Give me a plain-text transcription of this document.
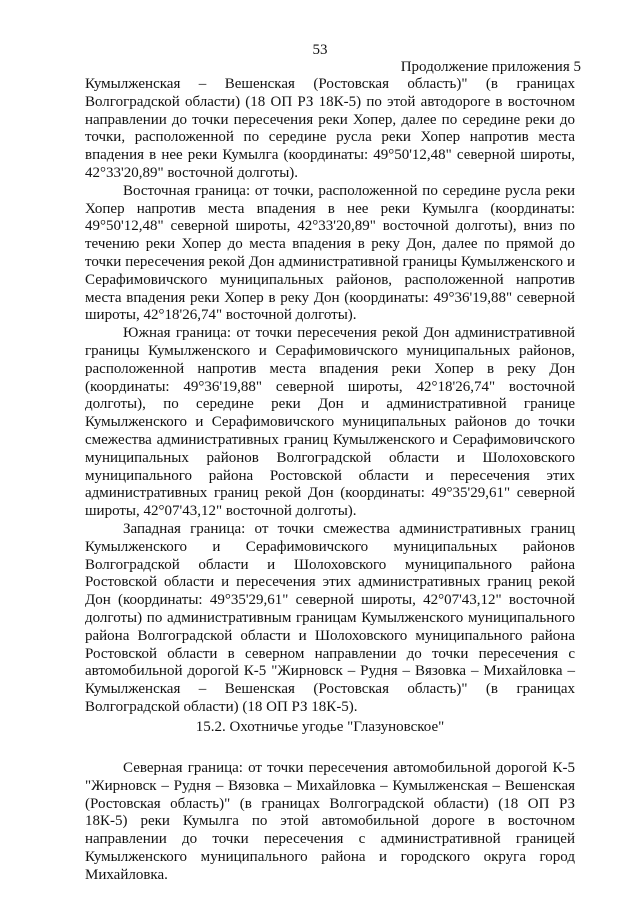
53
Продолжение приложения 5

Кумылженская – Вешенская (Ростовская область)" (в границах Волгоградской области) (18 ОП РЗ 18К-5) по этой автодороге в восточном направлении до точки пересечения реки Хопер, далее по середине реки до точки, расположенной по середине русла реки Хопер напротив места впадения в нее реки Кумылга (координаты: 49°50'12,48" северной широты, 42°33'20,89" восточной долготы).

Восточная граница: от точки, расположенной по середине русла реки Хопер напротив места впадения в нее реки Кумылга (координаты: 49°50'12,48" северной широты, 42°33'20,89" восточной долготы), вниз по течению реки Хопер до места впадения в реку Дон, далее по прямой до точки пересечения рекой Дон административной границы Кумылженского и Серафимовичского муниципальных районов, расположенной напротив места впадения реки Хопер в реку Дон (координаты: 49°36'19,88" северной широты, 42°18'26,74" восточной долготы).

Южная граница: от точки пересечения рекой Дон административной границы Кумылженского и Серафимовичского муниципальных районов, расположенной напротив места впадения реки Хопер в реку Дон (координаты: 49°36'19,88" северной широты, 42°18'26,74" восточной долготы), по середине реки Дон и административной границе Кумылженского и Серафимовичского муниципальных районов до точки смежества административных границ Кумылженского и Серафимовичского муниципальных районов Волгоградской области и Шолоховского муниципального района Ростовской области и пересечения этих административных границ рекой Дон (координаты: 49°35'29,61" северной широты, 42°07'43,12" восточной долготы).

Западная граница: от точки смежества административных границ Кумылженского и Серафимовичского муниципальных районов Волгоградской области и Шолоховского муниципального района Ростовской области и пересечения этих административных границ рекой Дон (координаты: 49°35'29,61" северной широты, 42°07'43,12" восточной долготы) по административным границам Кумылженского муниципального района Волгоградской области и Шолоховского муниципального района Ростовской области в северном направлении до точки пересечения с автомобильной дорогой К-5 "Жирновск – Рудня – Вязовка – Михайловка – Кумылженская – Вешенская (Ростовская область)" (в границах Волгоградской области) (18 ОП РЗ 18К-5).

15.2. Охотничье угодье "Глазуновское"

Северная граница: от точки пересечения автомобильной дорогой К-5 "Жирновск – Рудня – Вязовка – Михайловка – Кумылженская – Вешенская (Ростовская область)" (в границах Волгоградской области) (18 ОП РЗ 18К-5) реки Кумылга по этой автомобильной дороге в восточном направлении до точки пересечения с административной границей Кумылженского муниципального района и городского округа город Михайловка.
